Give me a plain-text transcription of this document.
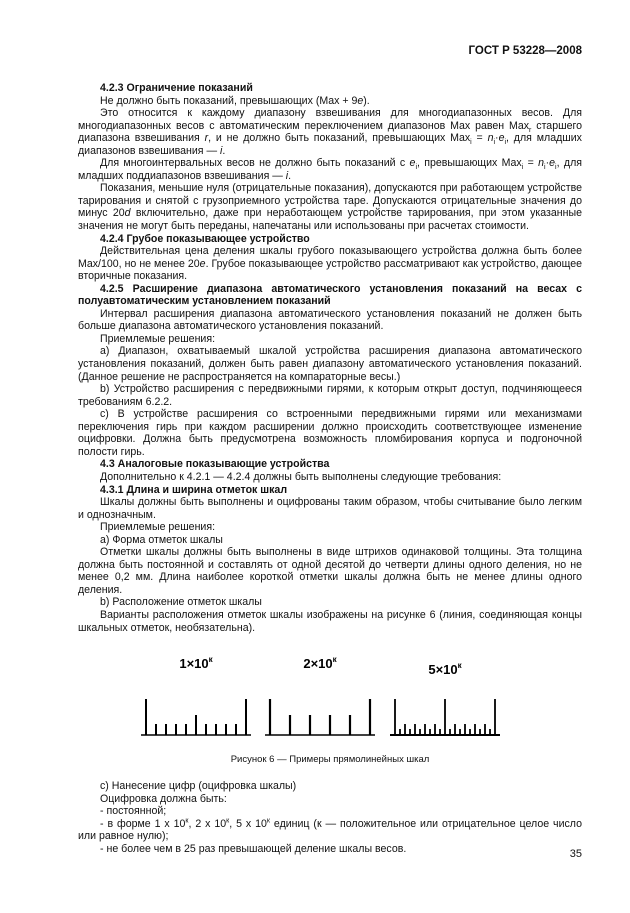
ГОСТ Р 53228—2008

4.2.3 Ограничение показаний

Не должно быть показаний, превышающих (Max + 9e).

Это относится к каждому диапазону взвешивания для многодиапазонных весов. Для многодиапазонных весов с автоматическим переключением диапазонов Max равен Max$_r$ старшего диапазона взвешивания r, и не должно быть показаний, превышающих $Max_i = n_i\cdot e_i$, для младших диапазонов взвешивания — i.

Для многоинтервальных весов не должно быть показаний с $e_i$, превышающих $Max_i = n_i\cdot e_i$, для младших поддиапазонов взвешивания — i.

Показания, меньшие нуля (отрицательные показания), допускаются при работающем устройстве тарирования и снятой с грузоприемного устройства таре. Допускаются отрицательные значения до минус 20d включительно, даже при неработающем устройстве тарирования, при этом указанные значения не могут быть переданы, напечатаны или использованы при расчетах стоимости.

4.2.4 Грубое показывающее устройство

Действительная цена деления шкалы грубого показывающего устройства должна быть более Max/100, но не менее 20e. Грубое показывающее устройство рассматривают как устройство, дающее вторичные показания.

4.2.5 Расширение диапазона автоматического установления показаний на весах с полуавтоматическим установлением показаний

Интервал расширения диапазона автоматического установления показаний не должен быть больше диапазона автоматического установления показаний.

Приемлемые решения:

а) Диапазон, охватываемый шкалой устройства расширения диапазона автоматического установления показаний, должен быть равен диапазону автоматического установления показаний. (Данное решение не распространяется на компараторные весы.)

b) Устройство расширения с передвижными гирями, к которым открыт доступ, подчиняющееся требованиям 6.2.2.

с) В устройстве расширения со встроенными передвижными гирями или механизмами переключения гирь при каждом расширении должно происходить соответствующее изменение оцифровки. Должна быть предусмотрена возможность пломбирования корпуса и подгоночной полости гирь.

4.3 Аналоговые показывающие устройства

Дополнительно к 4.2.1 — 4.2.4 должны быть выполнены следующие требования:

4.3.1 Длина и ширина отметок шкал

Шкалы должны быть выполнены и оцифрованы таким образом, чтобы считывание было легким и однозначным.

Приемлемые решения:

а) Форма отметок шкалы

Отметки шкалы должны быть выполнены в виде штрихов одинаковой толщины. Эта толщина должна быть постоянной и составлять от одной десятой до четверти длины одного деления, но не менее 0,2 мм. Длина наиболее короткой отметки шкалы должна быть не менее длины одного деления.

b) Расположение отметок шкалы

Варианты расположения отметок шкалы изображены на рисунке 6 (линия, соединяющая концы шкальных отметок, необязательна).

$1\times 10^к$	$2\times 10^к$
$5\times 10^к$
Рисунок 6 — Примеры прямолинейных шкал

с) Нанесение цифр (оцифровка шкалы)

Оцифровка должна быть:

- постоянной;

- в форме 1 x $10^к$, 2 x $10^к$, 5 x $10^к$ единиц (к — положительное или отрицательное целое число или равное нулю);

- не более чем в 25 раз превышающей деление шкалы весов.	35
